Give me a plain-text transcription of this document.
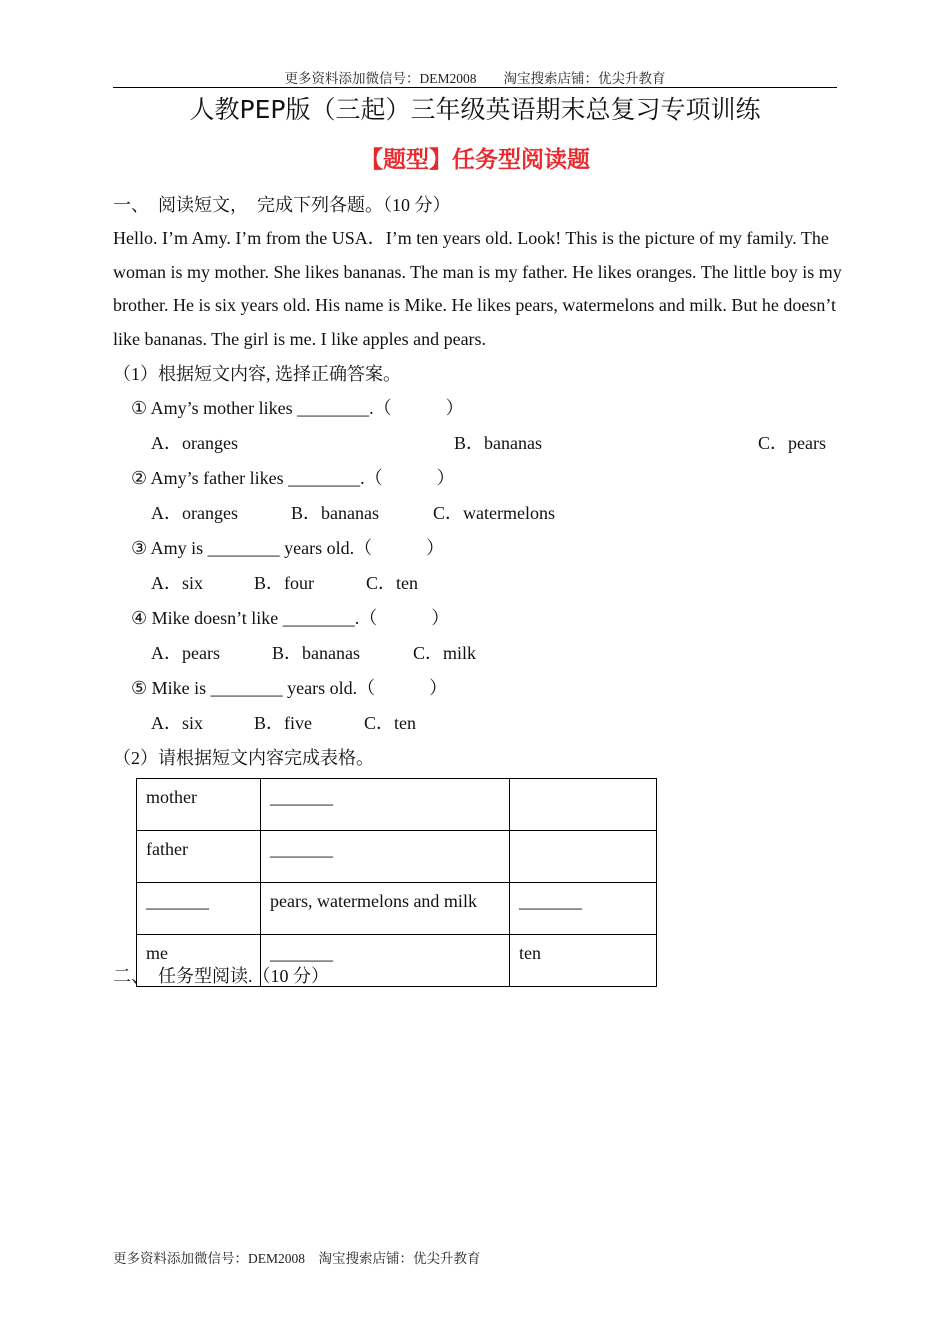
更多资料添加微信号：DEM2008　　淘宝搜索店铺：优尖升教育
人教PEP版（三起）三年级英语期末总复习专项训练
【题型】任务型阅读题
一、　阅读短文，　完成下列各题。（10 分）
Hello. I’m Amy. I’m from the USA．I’m ten years old. Look! This is the picture of my family. The woman is my mother. She likes bananas. The man is my father. He likes oranges. The little boy is my brother. He is six years old. His name is Mike. He likes pears, watermelons and milk. But he doesn’t like bananas. The girl is me. I like apples and pears.
（1）根据短文内容, 选择正确答案。
① Amy’s mother likes ________.（　　　）
A．oranges	B．bananas	C．pears
② Amy’s father likes ________.（　　　）
A．oranges	B．bananas	C．watermelons
③ Amy is ________ years old.（　　　）
A．six	B．four	C．ten
④ Mike doesn’t like ________.（　　　）
A．pears	B．bananas	C．milk
⑤ Mike is ________ years old.（　　　）
A．six	B．five	C．ten
（2）请根据短文内容完成表格。
mother	_______	
father	_______	
_______	pears, watermelons and milk	_______
me	_______	ten
二、　任务型阅读.（10 分）
更多资料添加微信号：DEM2008　淘宝搜索店铺：优尖升教育
